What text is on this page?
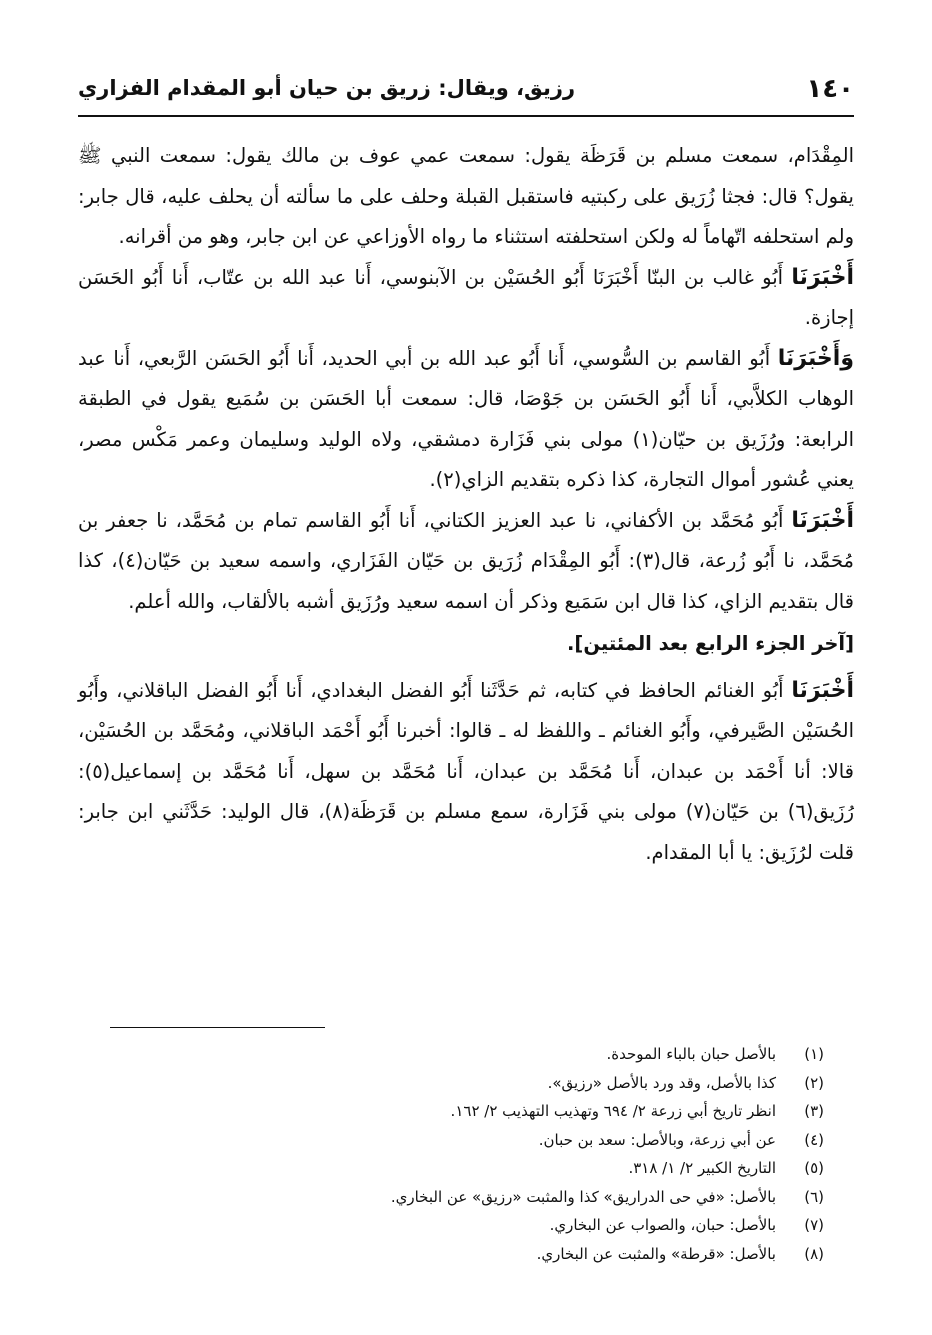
١٤٠
رزيق، ويقال: زريق بن حيان أبو المقدام الفزاري

المِقْدَام، سمعت مسلم بن قَرَظَة يقول: سمعت عمي عوف بن مالك يقول: سمعت النبي ﷺ يقول؟ قال: فجثا زُرَيق على ركبتيه فاستقبل القبلة وحلف على ما سألته أن يحلف عليه، قال جابر: ولم استحلفه اتّهاماً له ولكن استحلفته استثناء ما رواه الأوزاعي عن ابن جابر، وهو من أقرانه.

أَخْبَرَنَا أَبُو غالب بن البنّا أَخْبَرَنَا أَبُو الحُسَيْن بن الآبنوسي، أَنا عبد الله بن عتّاب، أَنا أَبُو الحَسَن إجازة.

وَأَخْبَرَنَا أَبُو القاسم بن السُّوسي، أَنا أَبُو عبد الله بن أبي الحديد، أَنا أَبُو الحَسَن الرَّبعي، أَنا عبد الوهاب الكلاَّبي، أَنا أَبُو الحَسَن بن جَوْصَا، قال: سمعت أبا الحَسَن بن سُمَيع يقول في الطبقة الرابعة: ورُزَيق بن حيّان(١) مولى بني فَزَارة دمشقي، ولاه الوليد وسليمان وعمر مَكْس مصر، يعني عُشور أموال التجارة، كذا ذكره بتقديم الزاي(٢).

أَخْبَرَنَا أَبُو مُحَمَّد بن الأكفاني، نا عبد العزيز الكتاني، أَنا أَبُو القاسم تمام بن مُحَمَّد، نا جعفر بن مُحَمَّد، نا أَبُو زُرعة، قال(٣): أَبُو المِقْدَام زُرَيق بن حَيّان الفَزَاري، واسمه سعيد بن حَيّان(٤)، كذا قال بتقديم الزاي، كذا قال ابن سَمَيع وذكر أن اسمه سعيد ورُزَيق أشبه بالألقاب، والله أعلم.

[آخر الجزء الرابع بعد المئتين].

أَخْبَرَنَا أَبُو الغنائم الحافظ في كتابه، ثم حَدَّثَنا أَبُو الفضل البغدادي، أَنا أَبُو الفضل الباقلاني، وأَبُو الحُسَيْن الصَّيرفي، وأَبُو الغنائم ـ واللفظ له ـ قالوا: أخبرنا أَبُو أَحْمَد الباقلاني، ومُحَمَّد بن الحُسَيْن، قالا: أنا أَحْمَد بن عبدان، أَنا مُحَمَّد بن عبدان، أَنا مُحَمَّد بن سهل، أَنا مُحَمَّد بن إسماعيل(٥): رُزَيق(٦) بن حَيّان(٧) مولى بني فَزَارة، سمع مسلم بن قَرَظَة(٨)، قال الوليد: حَدَّثَني ابن جابر: قلت لرُزَيق: يا أبا المقدام.

(١)بالأصل حبان بالباء الموحدة.
(٢)كذا بالأصل، وقد ورد بالأصل «رزيق».
(٣)انظر تاريخ أبي زرعة ٢/ ٦٩٤ وتهذيب التهذيب ٢/ ١٦٢.
(٤)عن أبي زرعة، وبالأصل: سعد بن حبان.
(٥)التاريخ الكبير ٢/ ١/ ٣١٨.
(٦)بالأصل: «في حى الدراريق» كذا والمثبت «رزيق» عن البخاري.
(٧)بالأصل: حبان، والصواب عن البخاري.
(٨)بالأصل: «قرطة» والمثبت عن البخاري.
